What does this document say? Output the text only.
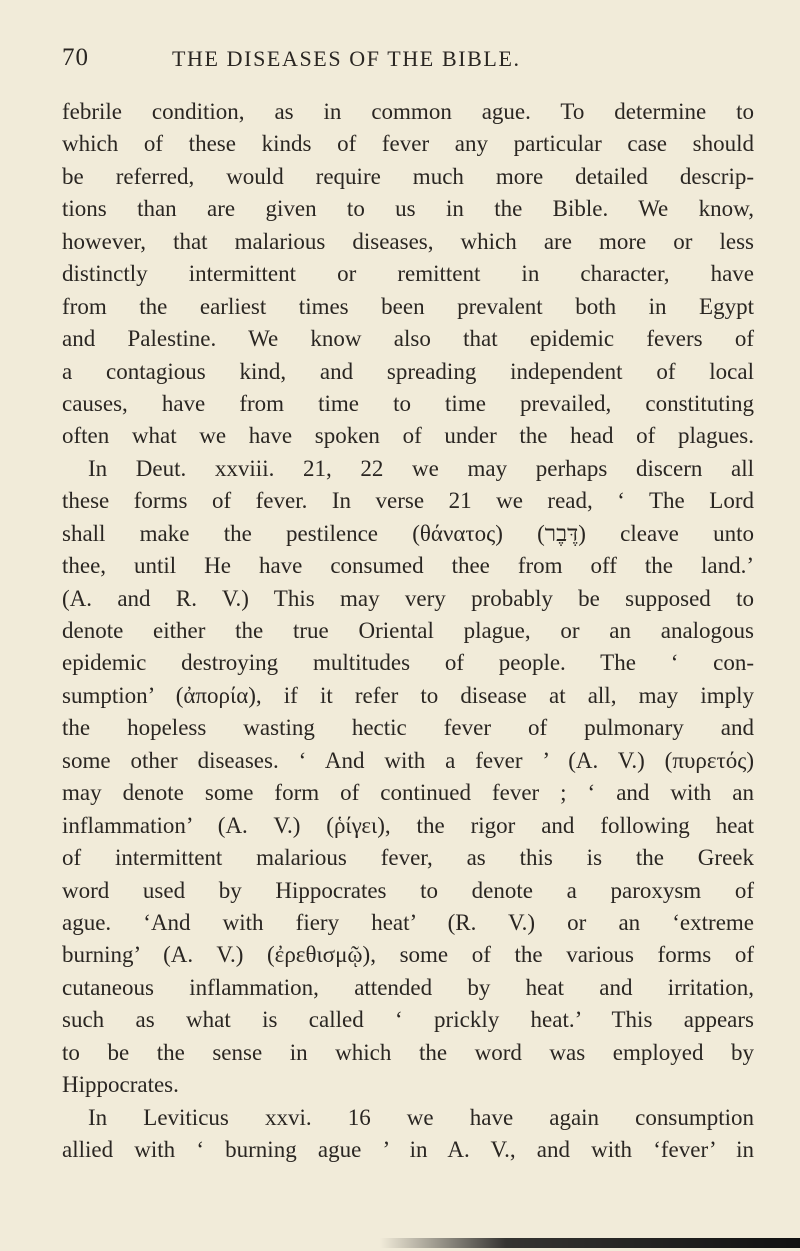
70	THE DISEASES OF THE BIBLE.
febrile condition, as in common ague. To determine to
which of these kinds of fever any particular case should
be referred, would require much more detailed descrip-
tions than are given to us in the Bible. We know,
however, that malarious diseases, which are more or less
distinctly intermittent or remittent in character, have
from the earliest times been prevalent both in Egypt
and Palestine. We know also that epidemic fevers of
a contagious kind, and spreading independent of local
causes, have from time to time prevailed, constituting
often what we have spoken of under the head of plagues.
In Deut. xxviii. 21, 22 we may perhaps discern all
these forms of fever. In verse 21 we read, ‘ The Lord
shall make the pestilence (θάνατος) (דֶּבֶר) cleave unto
thee, until He have consumed thee from off the land.’
(A. and R. V.) This may very probably be supposed to
denote either the true Oriental plague, or an analogous
epidemic destroying multitudes of people. The ‘ con-
sumption’ (ἀπορία), if it refer to disease at all, may imply
the hopeless wasting hectic fever of pulmonary and
some other diseases. ‘ And with a fever ’ (A. V.) (πυρετός)
may denote some form of continued fever ; ‘ and with an
inflammation’ (A. V.) (ῥίγει), the rigor and following heat
of intermittent malarious fever, as this is the Greek
word used by Hippocrates to denote a paroxysm of
ague. ‘And with fiery heat’ (R. V.) or an ‘extreme
burning’ (A. V.) (ἐρεθισμῷ), some of the various forms of
cutaneous inflammation, attended by heat and irritation,
such as what is called ‘ prickly heat.’ This appears
to be the sense in which the word was employed by
Hippocrates.
In Leviticus xxvi. 16 we have again consumption
allied with ‘ burning ague ’ in A. V., and with ‘fever’ in
